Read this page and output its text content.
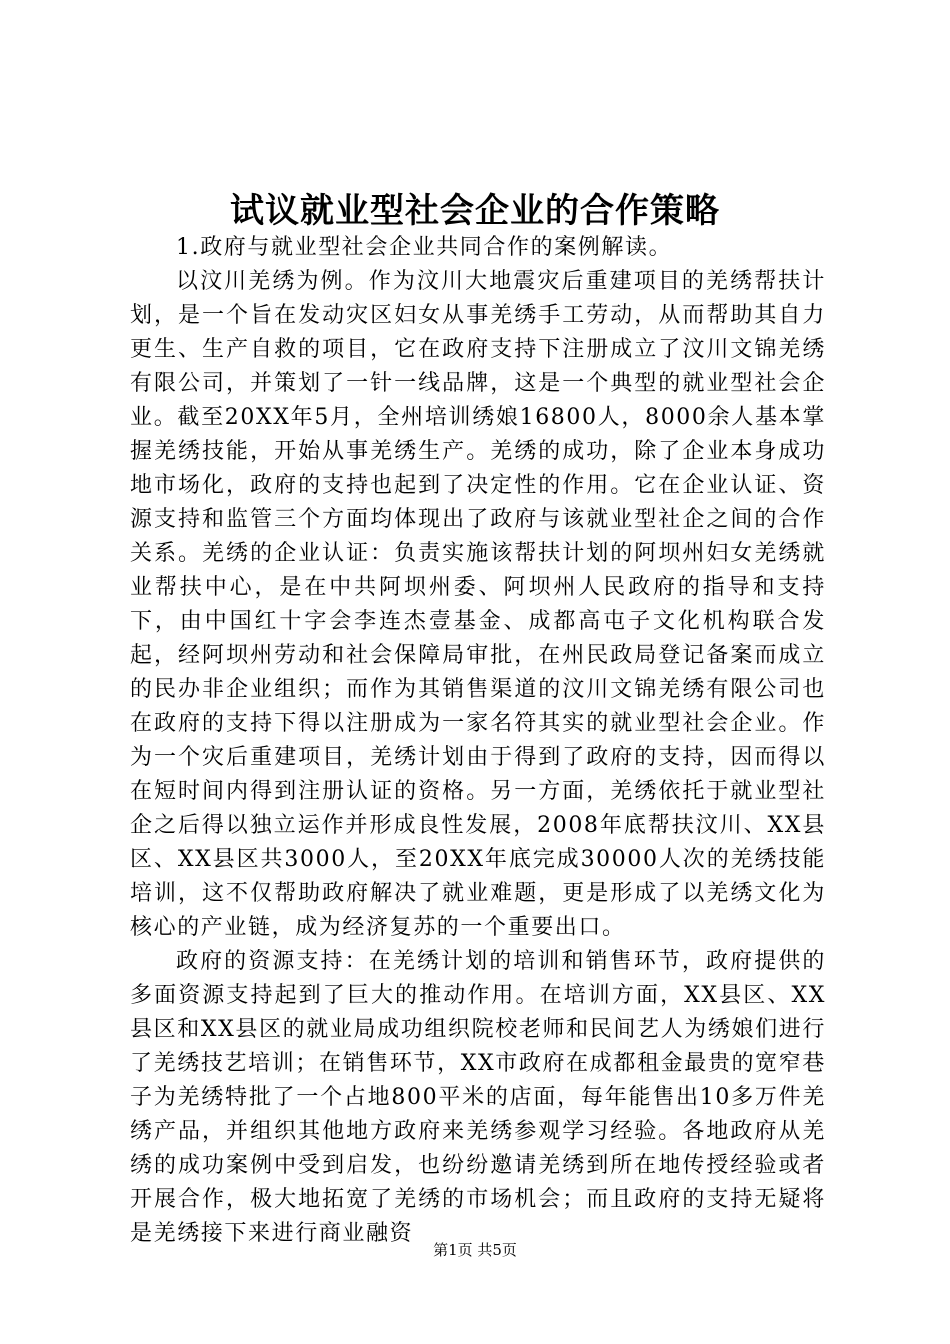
试议就业型社会企业的合作策略

1.政府与就业型社会企业共同合作的案例解读。

以汶川羌绣为例。作为汶川大地震灾后重建项目的羌绣帮扶计划，是一个旨在发动灾区妇女从事羌绣手工劳动，从而帮助其自力更生、生产自救的项目，它在政府支持下注册成立了汶川文锦羌绣有限公司，并策划了一针一线品牌，这是一个典型的就业型社会企业。截至20XX年5月，全州培训绣娘16800人，8000余人基本掌握羌绣技能，开始从事羌绣生产。羌绣的成功，除了企业本身成功地市场化，政府的支持也起到了决定性的作用。它在企业认证、资源支持和监管三个方面均体现出了政府与该就业型社企之间的合作关系。羌绣的企业认证：负责实施该帮扶计划的阿坝州妇女羌绣就业帮扶中心，是在中共阿坝州委、阿坝州人民政府的指导和支持下，由中国红十字会李连杰壹基金、成都高屯子文化机构联合发起，经阿坝州劳动和社会保障局审批，在州民政局登记备案而成立的民办非企业组织；而作为其销售渠道的汶川文锦羌绣有限公司也在政府的支持下得以注册成为一家名符其实的就业型社会企业。作为一个灾后重建项目，羌绣计划由于得到了政府的支持，因而得以在短时间内得到注册认证的资格。另一方面，羌绣依托于就业型社企之后得以独立运作并形成良性发展，2008年底帮扶汶川、XX县区、XX县区共3000人，至20XX年底完成30000人次的羌绣技能培训，这不仅帮助政府解决了就业难题，更是形成了以羌绣文化为核心的产业链，成为经济复苏的一个重要出口。

政府的资源支持：在羌绣计划的培训和销售环节，政府提供的多面资源支持起到了巨大的推动作用。在培训方面，XX县区、XX县区和XX县区的就业局成功组织院校老师和民间艺人为绣娘们进行了羌绣技艺培训；在销售环节，XX市政府在成都租金最贵的宽窄巷子为羌绣特批了一个占地800平米的店面，每年能售出10多万件羌绣产品，并组织其他地方政府来羌绣参观学习经验。各地政府从羌绣的成功案例中受到启发，也纷纷邀请羌绣到所在地传授经验或者开展合作，极大地拓宽了羌绣的市场机会；而且政府的支持无疑将是羌绣接下来进行商业融资

第1页 共5页
